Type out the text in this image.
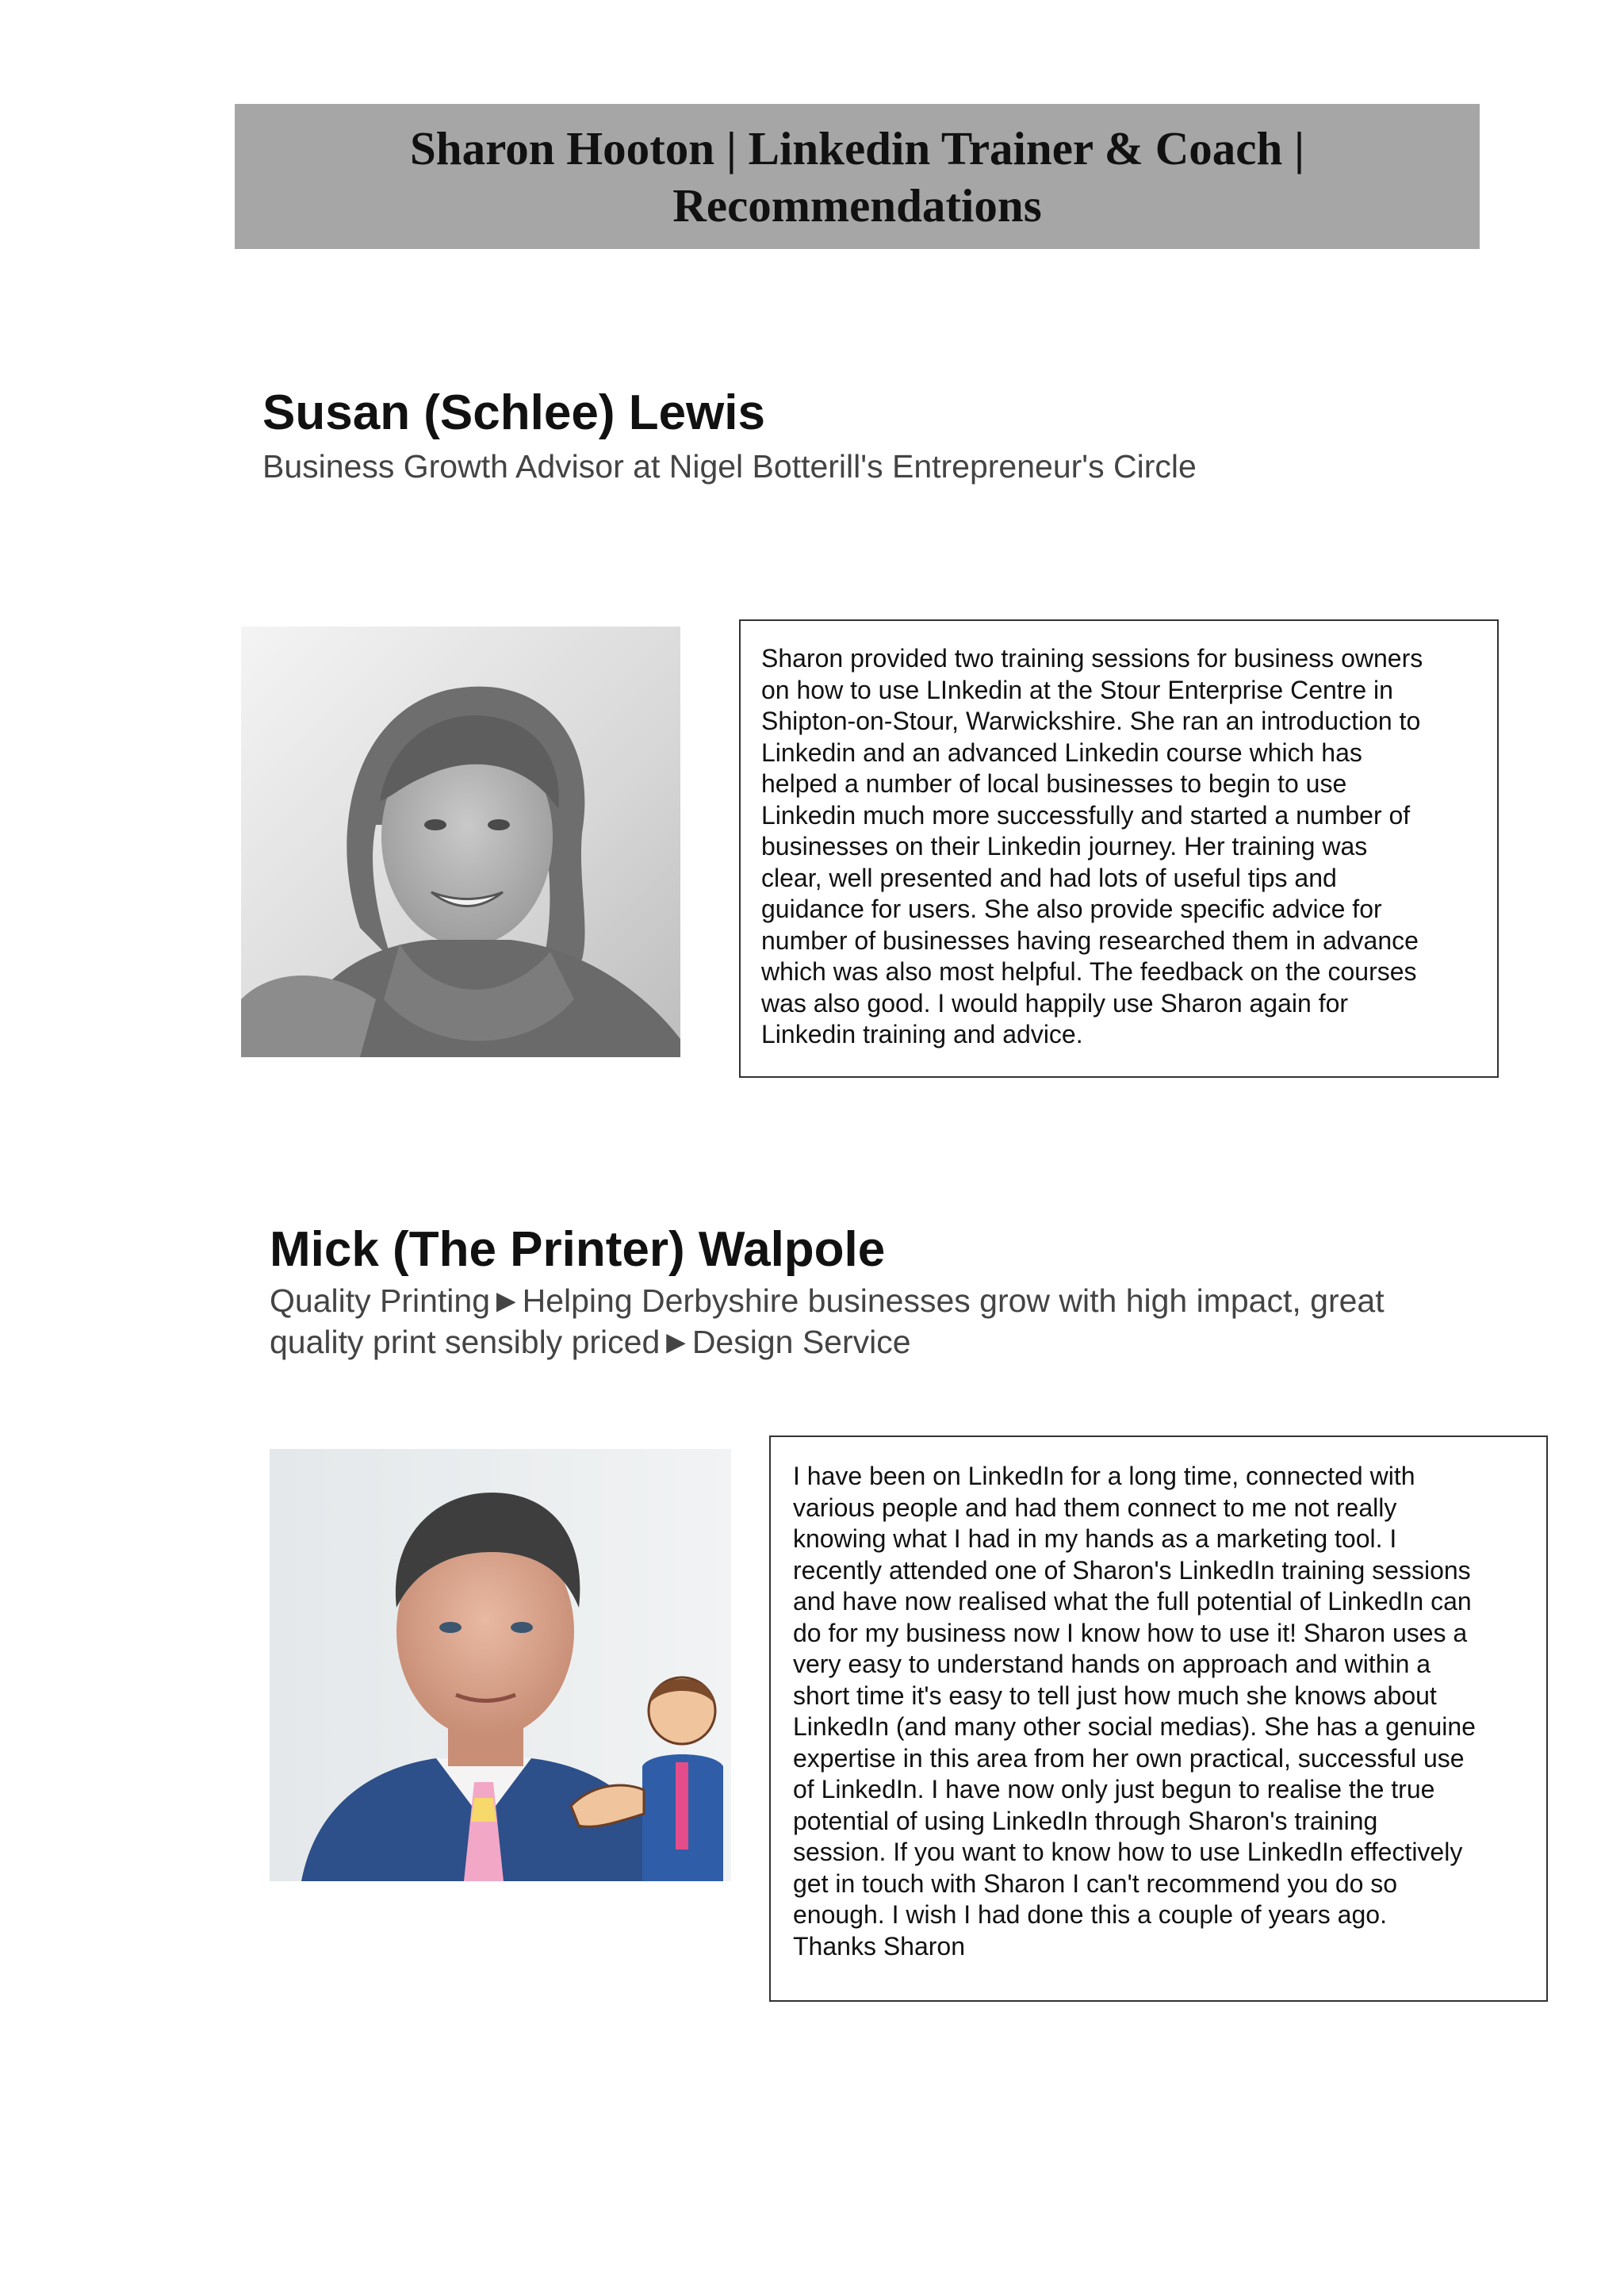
Sharon Hooton | Linkedin Trainer & Coach |
Recommendations
Susan (Schlee) Lewis

Business Growth Advisor at Nigel Botterill's Entrepreneur's Circle

Sharon provided two training sessions for business owners
on how to use LInkedin at the Stour Enterprise Centre in
Shipton-on-Stour, Warwickshire. She ran an introduction to
Linkedin and an advanced Linkedin course which has
helped a number of local businesses to begin to use
Linkedin much more successfully and started a number of
businesses on their Linkedin journey. Her training was
clear, well presented and had lots of useful tips and
guidance for users. She also provide specific advice for
number of businesses having researched them in advance
which was also most helpful. The feedback on the courses
was also good. I would happily use Sharon again for
Linkedin training and advice.

Mick (The Printer) Walpole

Quality Printing►Helping Derbyshire businesses grow with high impact, great
quality print sensibly priced►Design Service

I have been on LinkedIn for a long time, connected with
various people and had them connect to me not really
knowing what I had in my hands as a marketing tool. I
recently attended one of Sharon's LinkedIn training sessions
and have now realised what the full potential of LinkedIn can
do for my business now I know how to use it! Sharon uses a
very easy to understand hands on approach and within a
short time it's easy to tell just how much she knows about
LinkedIn (and many other social medias). She has a genuine
expertise in this area from her own practical, successful use
of LinkedIn. I have now only just begun to realise the true
potential of using LinkedIn through Sharon's training
session. If you want to know how to use LinkedIn effectively
get in touch with Sharon I can't recommend you do so
enough. I wish I had done this a couple of years ago.
Thanks Sharon
